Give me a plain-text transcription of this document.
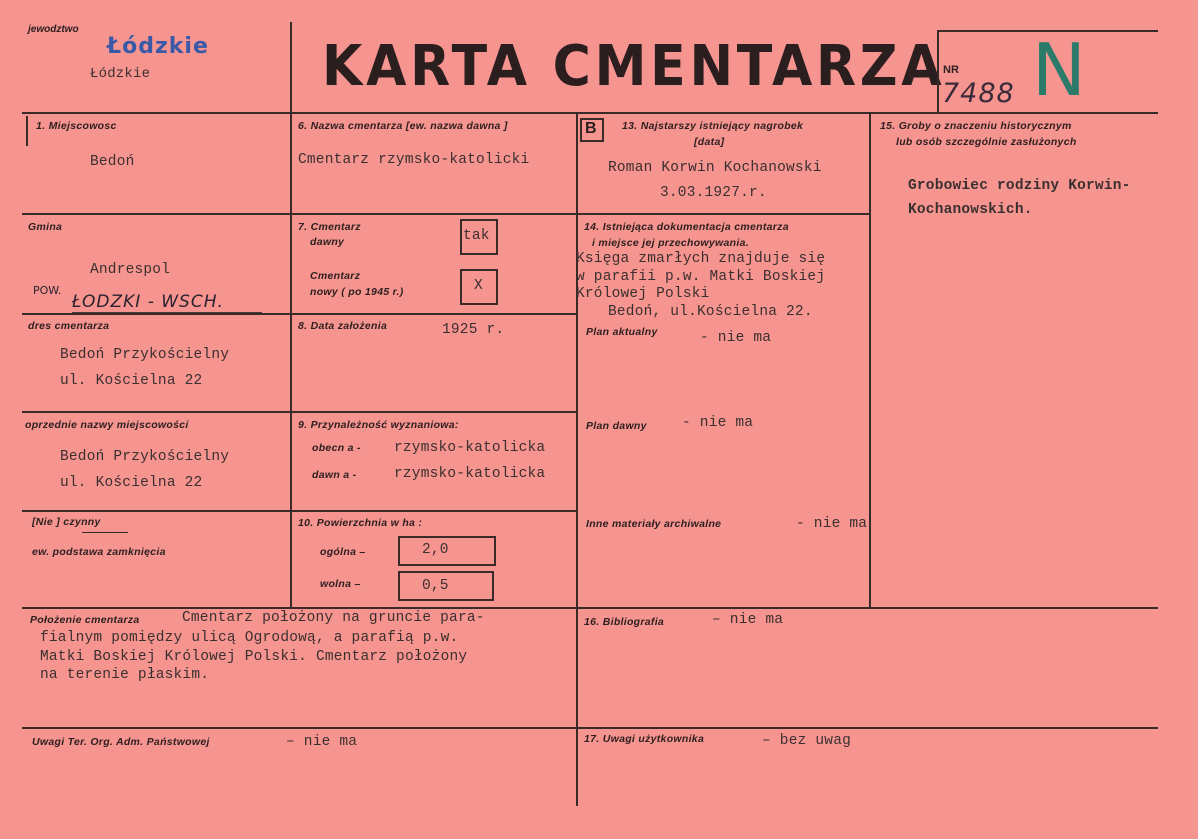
jewodztwo
Łódzkie
Łódzkie	KARTA CMENTARZA
NR
7488 N
1. Miejscowosc
Bedoń
Gmina
Andrespol
POW.
ŁODZKI - WSCH.
dres cmentarza
Bedoń Przykościelny
ul. Kościelna 22
oprzednie nazwy miejscowości
Bedoń Przykościelny
ul. Kościelna 22
[Nie ] czynny
ew. podstawa zamknięcia
6. Nazwa cmentarza [ew. nazwa dawna ]
Cmentarz rzymsko-katolicki
7. Cmentarz
dawny	tak
Cmentarz
nowy ( po 1945 r.)	X
8. Data założenia	1925 r.
9. Przynależność wyznaniowa:
obecn a - rzymsko-katolicka
dawn a -	rzymsko-katolicka
10. Powierzchnia w ha :
ogólna –	2,0
wolna –	0,5
B 13. Najstarszy istniejący nagrobek
[data]
Roman Korwin Kochanowski
3.03.1927.r.
14. Istniejąca dokumentacja cmentarza
i miejsce jej przechowywania.
Księga zmarłych znajduje się
w parafii p.w. Matki Boskiej
Królowej Polski
Bedoń, ul.Kościelna 22.
Plan aktualny	- nie ma
Plan dawny - nie ma
Inne materiały archiwalne	- nie ma
15. Groby o znaczeniu historycznym
lub osób szczególnie zasłużonych
Grobowiec rodziny Korwin-
Kochanowskich.
Położenie cmentarza	Cmentarz położony na gruncie para-
fialnym pomiędzy ulicą Ogrodową, a parafią p.w.
Matki Boskiej Królowej Polski. Cmentarz położony
na terenie płaskim.
16. Bibliografia	– nie ma
Uwagi Ter. Org. Adm. Państwowej	– nie ma	17. Uwagi użytkownika	– bez uwag
